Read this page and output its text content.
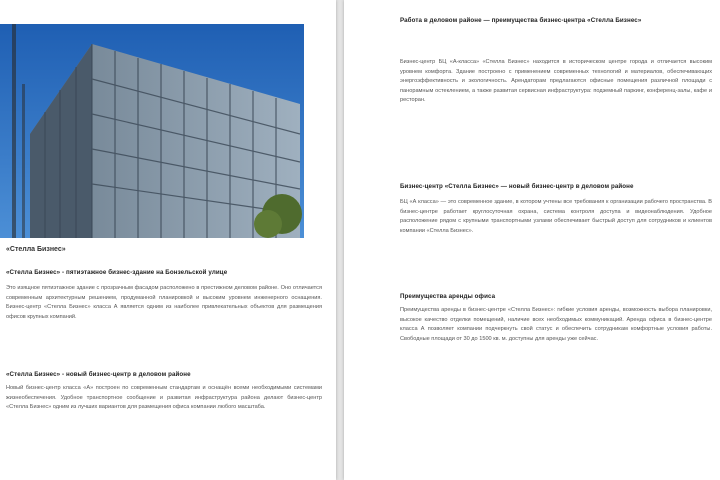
«Стелла Бизнес»
«Стелла Бизнес» - пятиэтажное бизнес-здание на Бонзельской улице
Это изящное пятиэтажное здание с прозрачным фасадом расположено в престижном деловом районе. Оно отличается современным архитектурным решением, продуманной планировкой и высоким уровнем инженерного оснащения. Бизнес-центр «Стелла Бизнес» класса А является одним из наиболее привлекательных объектов для размещения офисов крупных компаний.
«Стелла Бизнес» - новый бизнес-центр в деловом районе
Новый бизнес-центр класса «А» построен по современным стандартам и оснащён всеми необходимыми системами жизнеобеспечения. Удобное транспортное сообщение и развитая инфраструктура района делают бизнес-центр «Стелла Бизнес» одним из лучших вариантов для размещения офиса компании любого масштаба.
Работа в деловом районе — преимущества бизнес-центра «Стелла Бизнес»
Бизнес-центр БЦ «А-класса» «Стелла Бизнес» находится в историческом центре города и отличается высоким уровнем комфорта. Здание построено с применением современных технологий и материалов, обеспечивающих энергоэффективность и экологичность. Арендаторам предлагаются офисные помещения различной площади с панорамным остеклением, а также развитая сервисная инфраструктура: подземный паркинг, конференц-залы, кафе и ресторан.
Бизнес-центр «Стелла Бизнес» — новый бизнес-центр в деловом районе
БЦ «А класса» — это современное здание, в котором учтены все требования к организации рабочего пространства. В бизнес-центре работает круглосуточная охрана, система контроля доступа и видеонаблюдения. Удобное расположение рядом с крупными транспортными узлами обеспечивает быстрый доступ для сотрудников и клиентов компании «Стелла Бизнес».
Преимущества аренды офиса
Преимущества аренды в бизнес-центре «Стелла Бизнес»: гибкие условия аренды, возможность выбора планировки, высокое качество отделки помещений, наличие всех необходимых коммуникаций. Аренда офиса в бизнес-центре класса А позволяет компании подчеркнуть свой статус и обеспечить сотрудникам комфортные условия работы. Свободные площади от 30 до 1500 кв. м. доступны для аренды уже сейчас.
